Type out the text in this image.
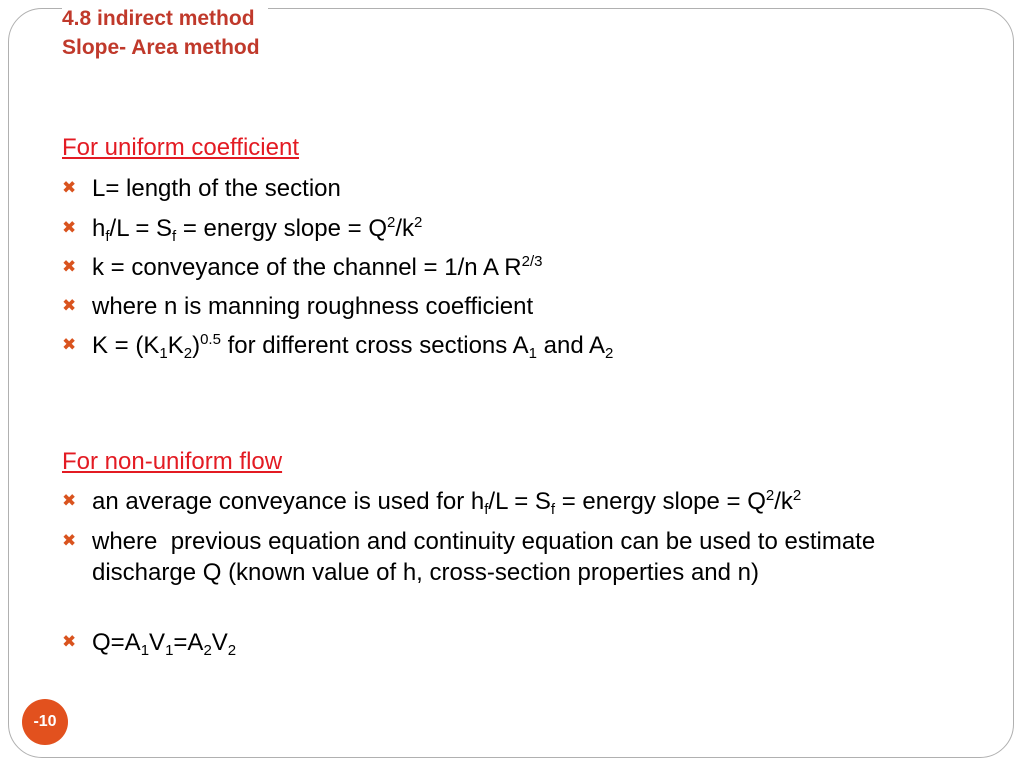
4.8 indirect method
Slope- Area method
For uniform coefficient
✖ L= length of the section
✖ $h_f/L = S_f$ = energy slope = $Q^2/k^2$
✖ k = conveyance of the channel = 1/n A $R^{2/3}$
✖ where n is manning roughness coefficient
✖ $K = (K_1K_2)^{0.5}$ for different cross sections $A_1$ and $A_2$
For non-uniform flow
✖ an average conveyance is used for $h_f/L = S_f$ = energy slope = $Q^2/k^2$
✖ where  previous equation and continuity equation can be used to estimate discharge Q (known value of h, cross-section properties and n)
✖ $Q=A_1V_1=A_2V_2$
-10
